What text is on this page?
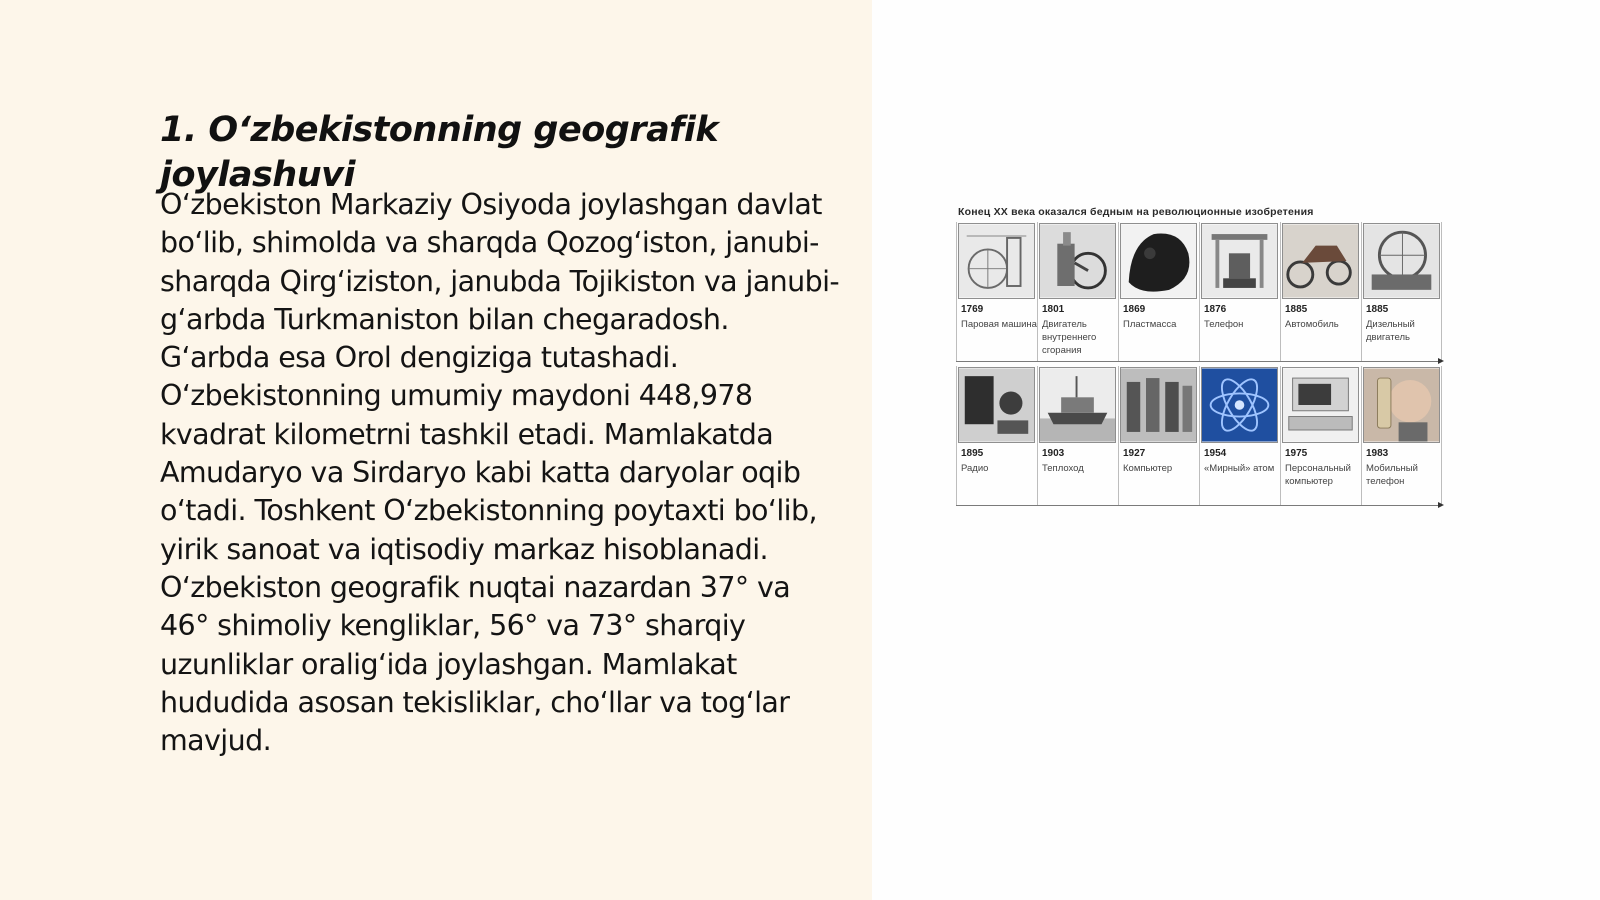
1. O‘zbekistonning geografik joylashuvi

O‘zbekiston Markaziy Osiyoda joylashgan davlat bo‘lib, shimolda va sharqda Qozog‘iston, janubi-sharqda Qirg‘iziston, janubda Tojikiston va janubi-g‘arbda Turkmaniston bilan chegaradosh. G‘arbda esa Orol dengiziga tutashadi. O‘zbekistonning umumiy maydoni 448,978 kvadrat kilometrni tashkil etadi. Mamlakatda Amudaryo va Sirdaryo kabi katta daryolar oqib o‘tadi. Toshkent O‘zbekistonning poytaxti bo‘lib, yirik sanoat va iqtisodiy markaz hisoblanadi. O‘zbekiston geografik nuqtai nazardan 37° va 46° shimoliy kengliklar, 56° va 73° sharqiy uzunliklar oralig‘ida joylashgan. Mamlakat hududida asosan tekisliklar, cho‘llar va tog‘lar mavjud.

Конец XX века оказался бедным на революционные изобретения
1769
Паровая машина
1801
Двигатель внутреннего сгорания
1869
Пластмасса
1876
Телефон
1885
Автомобиль
1885
Дизельный двигатель
1895
Радио
1903
Теплоход
1927
Компьютер
1954
«Мирный» атом
1975
Персональный компьютер
1983
Мобильный телефон
